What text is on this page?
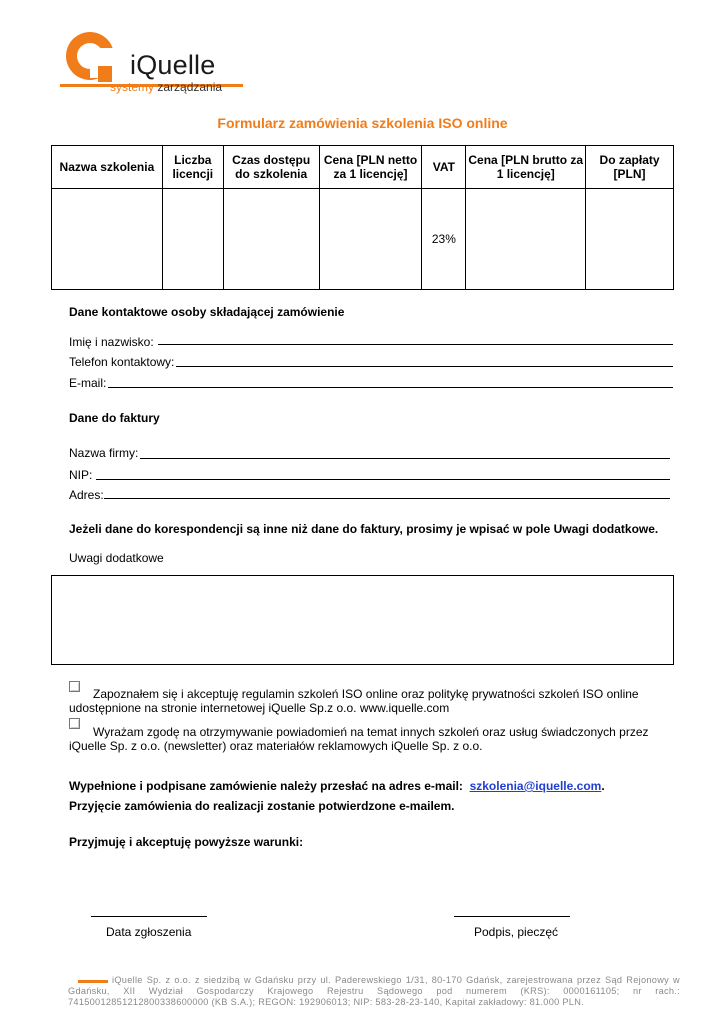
iQuelle
systemy zarządzania
Formularz zamówienia szkolenia ISO online
Nazwa szkolenia	Liczba licencji	Czas dostępu do szkolenia	Cena [PLN netto za 1 licencję]	VAT	Cena [PLN brutto za 1 licencję]	Do zapłaty [PLN]
				23%		
Dane kontaktowe osoby składającej zamówienie
Imię i nazwisko:
Telefon kontaktowy:
E-mail:
Dane do faktury
Nazwa firmy:
NIP:
Adres:
Jeżeli dane do korespondencji są inne niż dane do faktury, prosimy je wpisać w pole Uwagi dodatkowe.
Uwagi dodatkowe
Zapoznałem się i akceptuję regulamin szkoleń ISO online oraz politykę prywatności szkoleń ISO online udostępnione na stronie internetowej iQuelle Sp.z o.o. www.iquelle.com
Wyrażam zgodę na otrzymywanie powiadomień na temat innych szkoleń oraz usług świadczonych przez iQuelle Sp. z o.o. (newsletter) oraz materiałów reklamowych iQuelle Sp. z o.o.
Wypełnione i podpisane zamówienie należy przesłać na adres e-mail: szkolenia@iquelle.com.
Przyjęcie zamówienia do realizacji zostanie potwierdzone e-mailem.
Przyjmuję i akceptuję powyższe warunki:
Data zgłoszenia	Podpis, pieczęć
iQuelle Sp. z o.o. z siedzibą w Gdańsku przy ul. Paderewskiego 1/31, 80-170 Gdańsk, zarejestrowana przez Sąd Rejonowy w Gdańsku, XII Wydział Gospodarczy Krajowego Rejestru Sądowego pod numerem (KRS): 0000161105; nr rach.: 74150012851212800338600000 (KB S.A.); REGON: 192906013; NIP: 583-28-23-140, Kapitał zakładowy: 81.000 PLN.
